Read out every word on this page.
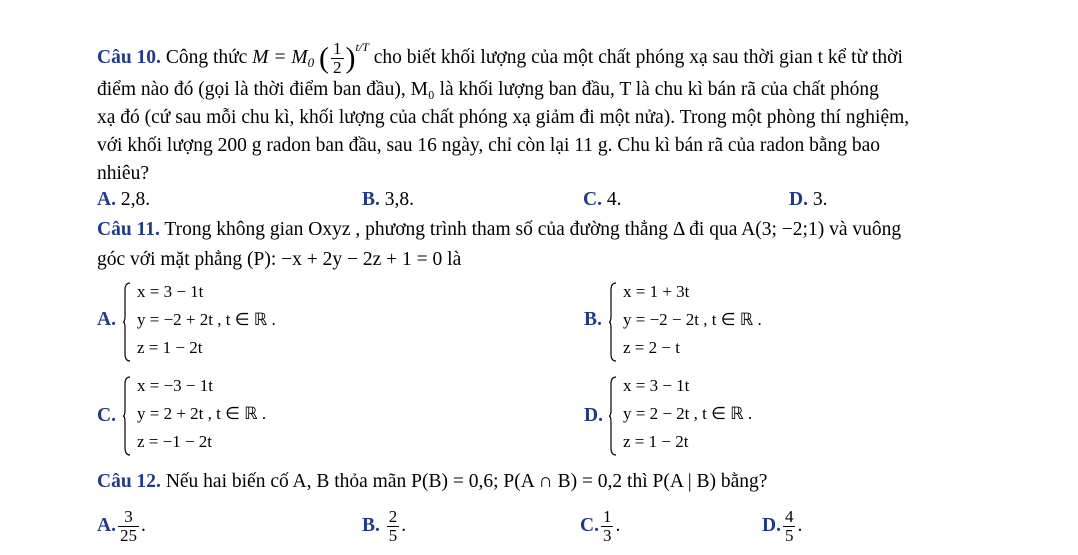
Câu 10. Công thức $M = M_0$ ( $\frac{1}{2} )^{t/T}$ cho biết khối lượng của một chất phóng xạ sau thời gian t kể từ thời
điểm nào đó (gọi là thời điểm ban đầu), M₀ là khối lượng ban đầu, T là chu kì bán rã của chất phóng
xạ đó (cứ sau mỗi chu kì, khối lượng của chất phóng xạ giảm đi một nửa). Trong một phòng thí nghiệm,
với khối lượng 200 g radon ban đầu, sau 16 ngày, chỉ còn lại 11 g. Chu kì bán rã của radon bằng bao
nhiêu?
A. 2,8.	B. 3,8.	C. 4.	D. 3.
Câu 11. Trong không gian Oxyz , phương trình tham số của đường thẳng Δ đi qua A(3; −2;1) và vuông
góc với mặt phẳng (P): −x + 2y − 2z + 1 = 0 là
A.
x = 3 − 1t
y = −2 + 2t , t ∈ ℝ .
z = 1 − 2t
B.
x = 1 + 3t
y = −2 − 2t , t ∈ ℝ .
z = 2 − t
C.
x = −3 − 1t
y = 2 + 2t , t ∈ ℝ .
z = −1 − 2t
D.
x = 3 − 1t
y = 2 − 2t , t ∈ ℝ .
z = 1 − 2t
Câu 12. Nếu hai biến cố A, B thỏa mãn P(B) = 0,6; P(A ∩ B) = 0,2 thì P(A | B) bằng?
A. $\frac{3}{25}$ .	B. $\frac{2}{5}$ .	C. $\frac{1}{3}$ .	D. $\frac{4}{5}$ .
